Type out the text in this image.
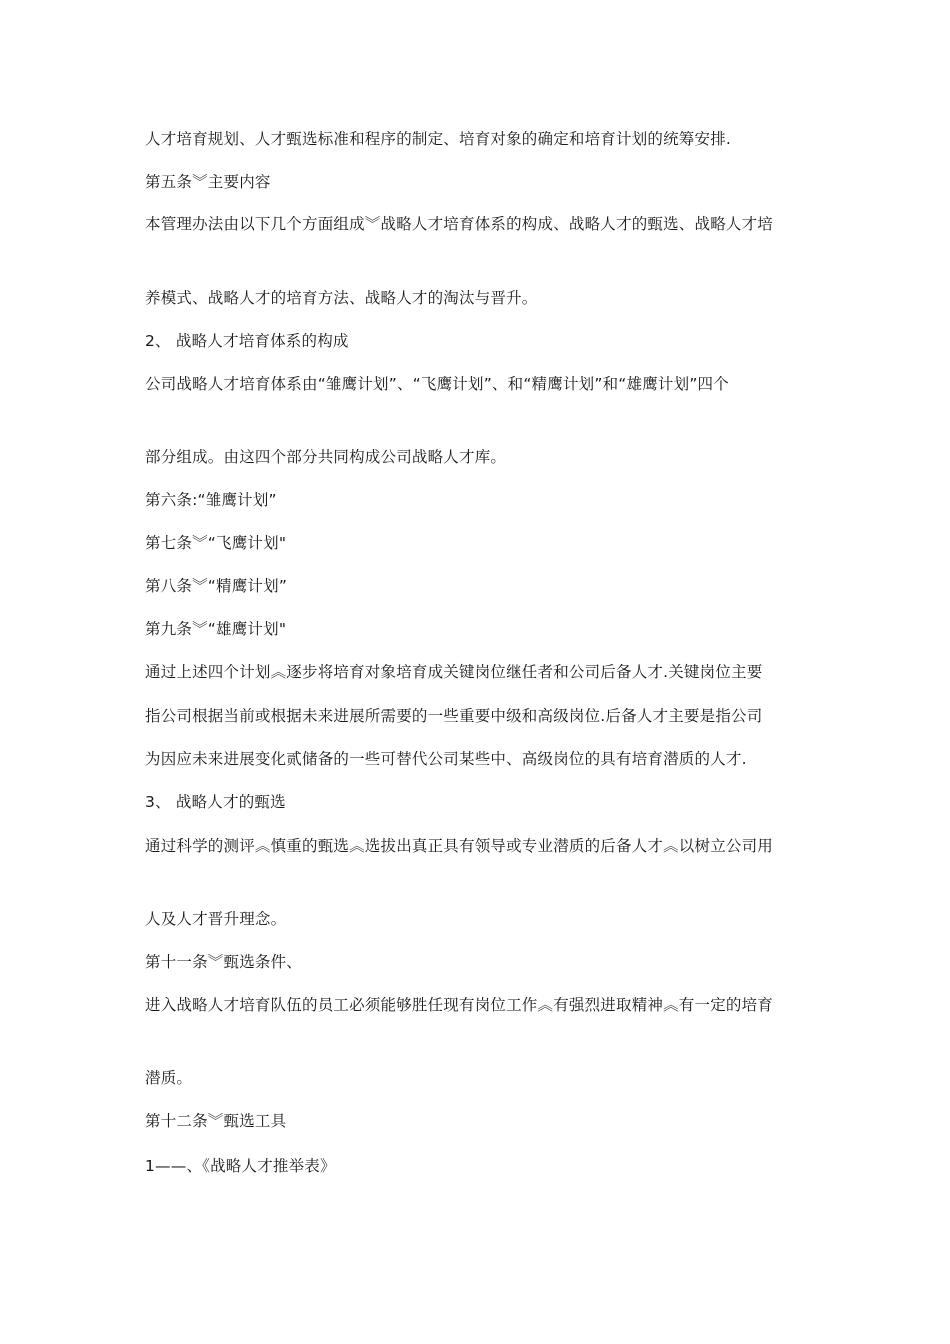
人才培育规划、人才甄选标准和程序的制定、培育对象的确定和培育计划的统筹安排.
第五条︾主要内容
本管理办法由以下几个方面组成︾战略人才培育体系的构成、战略人才的甄选、战略人才培
养模式、战略人才的培育方法、战略人才的淘汰与晋升。
2、 战略人才培育体系的构成
公司战略人才培育体系由“雏鹰计划”、“飞鹰计划”、和“精鹰计划”和“雄鹰计划”四个
部分组成。由这四个部分共同构成公司战略人才库。
第六条:“雏鹰计划”
第七条︾“飞鹰计划"
第八条︾“精鹰计划”
第九条︾“雄鹰计划"
通过上述四个计划︽逐步将培育对象培育成关键岗位继任者和公司后备人才.关键岗位主要
指公司根据当前或根据未来进展所需要的一些重要中级和高级岗位.后备人才主要是指公司
为因应未来进展变化贰储备的一些可替代公司某些中、高级岗位的具有培育潜质的人才.
3、 战略人才的甄选
通过科学的测评︽慎重的甄选︽选拔出真正具有领导或专业潜质的后备人才︽以树立公司用
人及人才晋升理念。
第十一条︾甄选条件、
进入战略人才培育队伍的员工必须能够胜任现有岗位工作︽有强烈进取精神︽有一定的培育
潜质。
第十二条︾甄选工具
1——、《战略人才推举表》
